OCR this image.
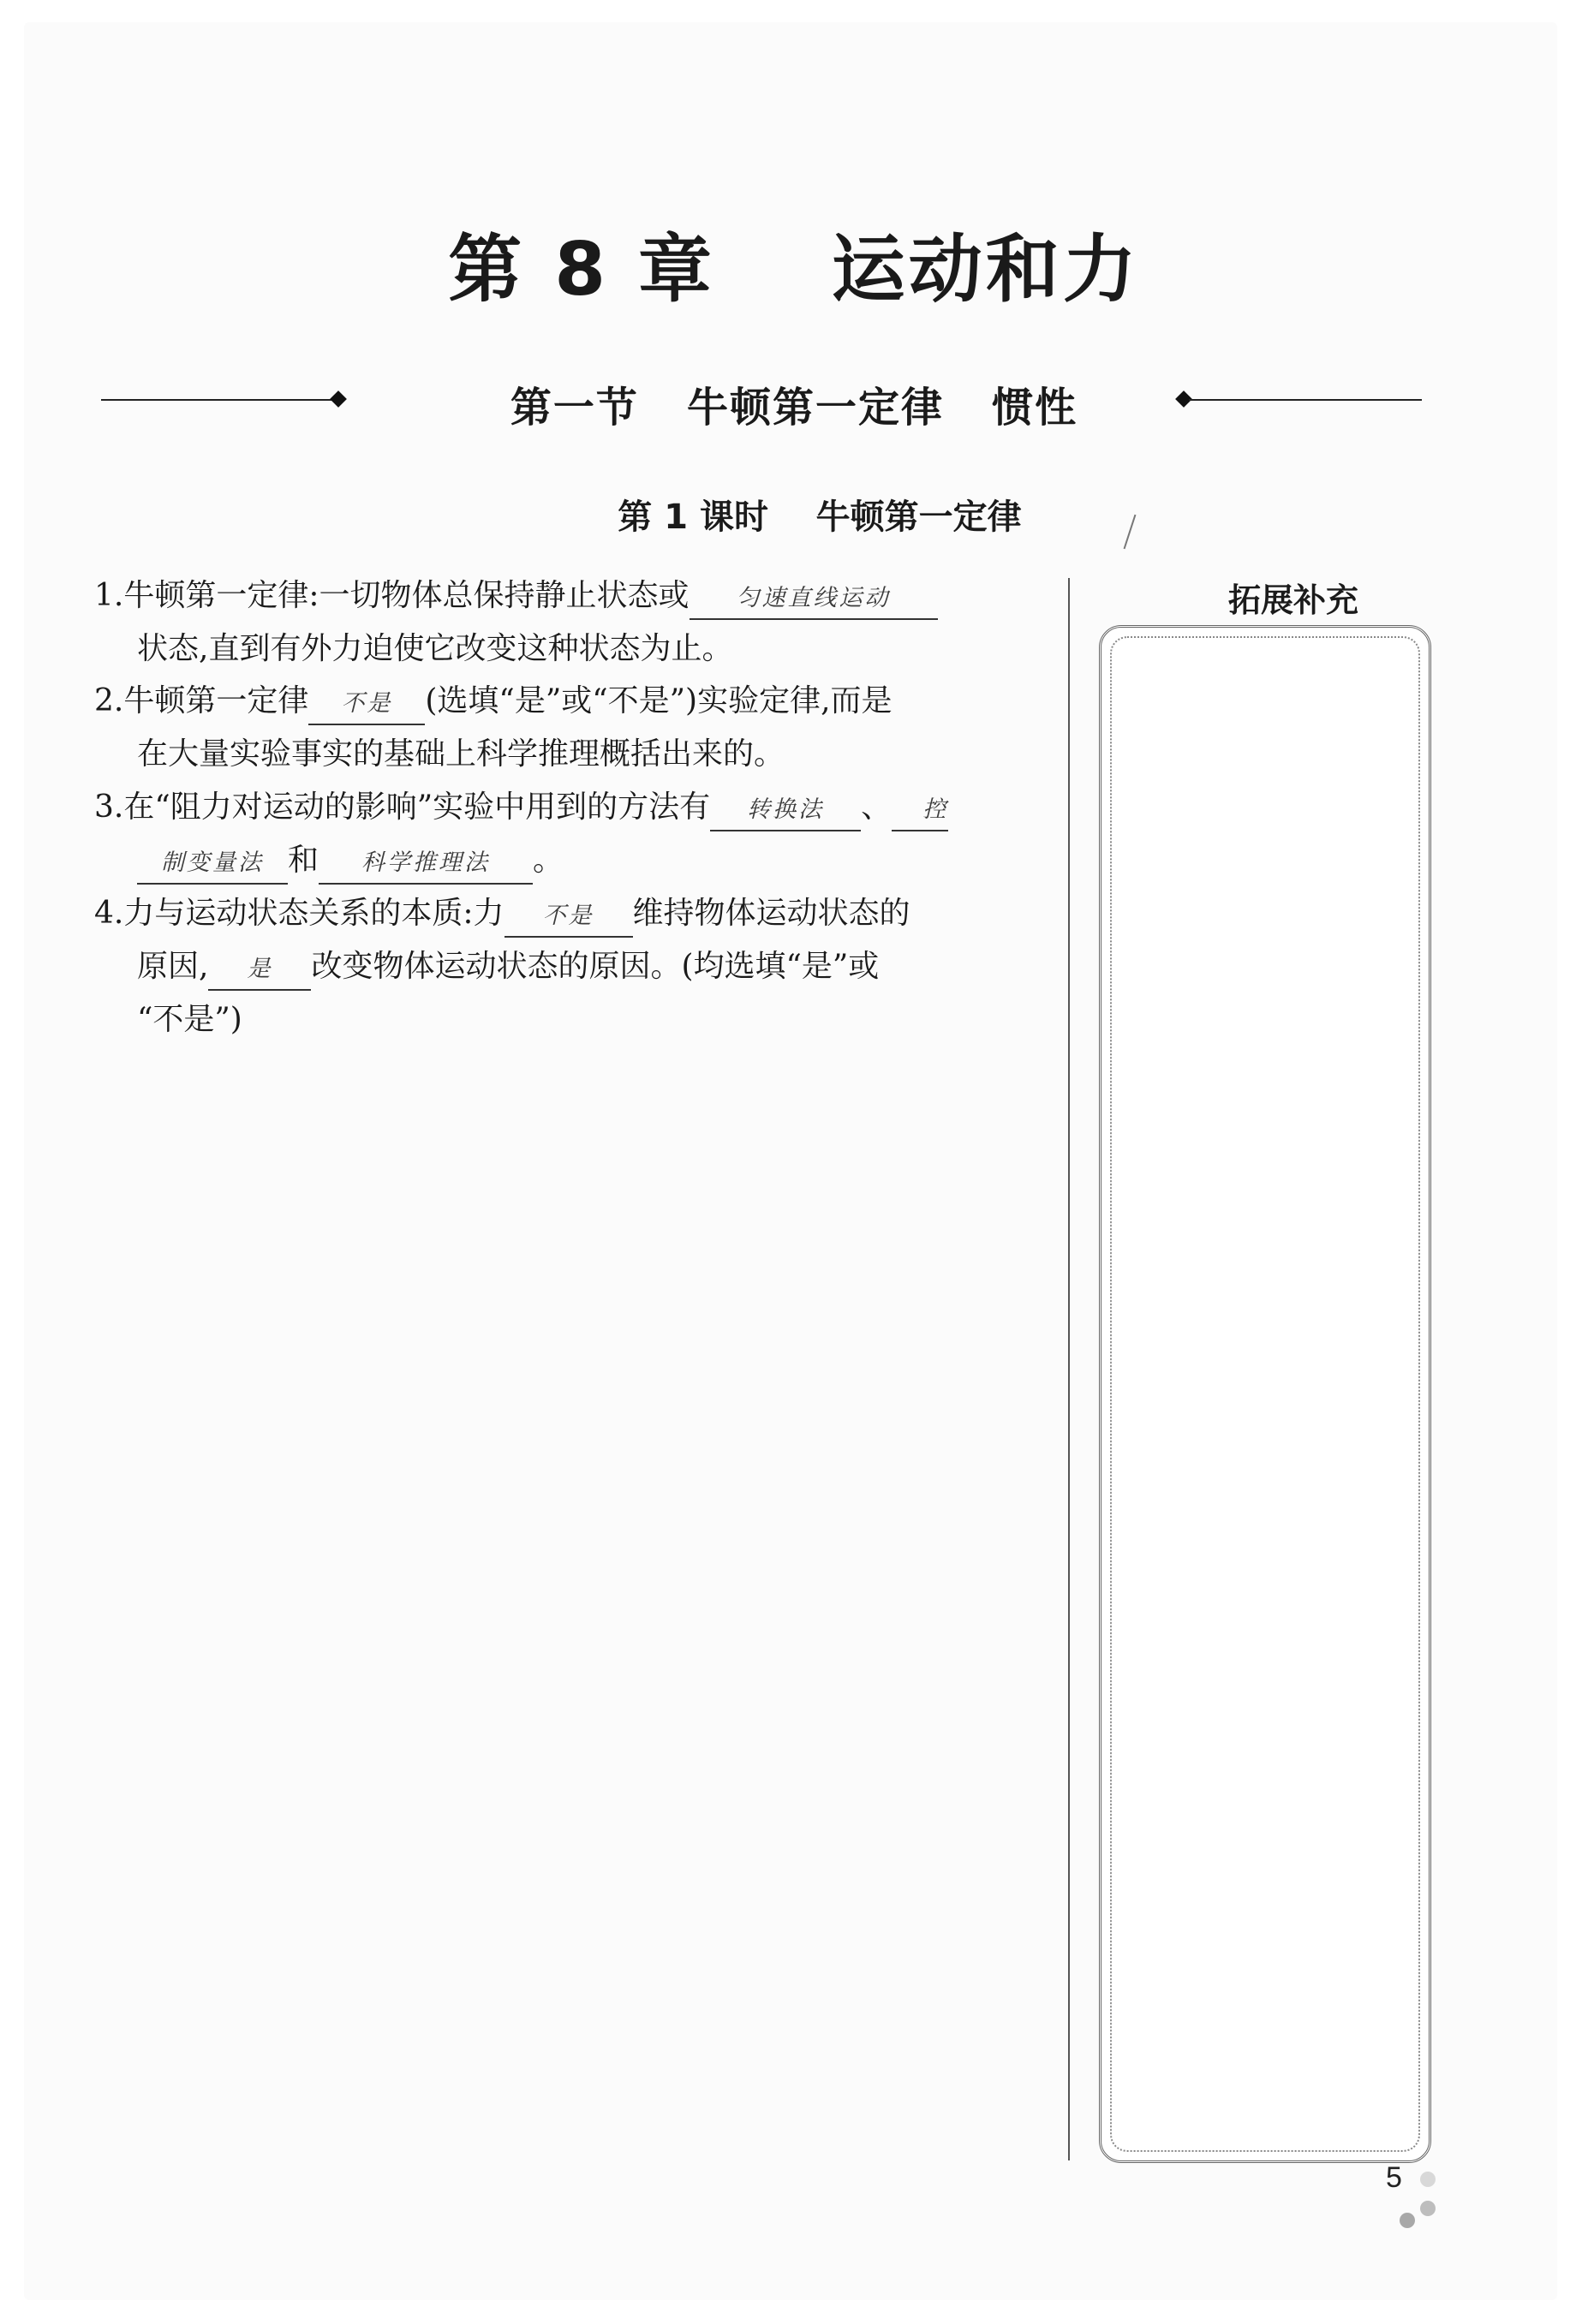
第 8 章    运动和力
第一节   牛顿第一定律   惯性
第 1 课时    牛顿第一定律
1.牛顿第一定律:一切物体总保持静止状态或 匀速直线运动
状态,直到有外力迫使它改变这种状态为止。
2.牛顿第一定律 不是 (选填“是”或“不是”)实验定律,而是
在大量实验事实的基础上科学推理概括出来的。
3.在“阻力对运动的影响”实验中用到的方法有 转换法 、 控
制变量法 和 科学推理法 。
4.力与运动状态关系的本质:力 不是 维持物体运动状态的
原因, 是 改变物体运动状态的原因。(均选填“是”或
“不是”)
拓展补充
5
